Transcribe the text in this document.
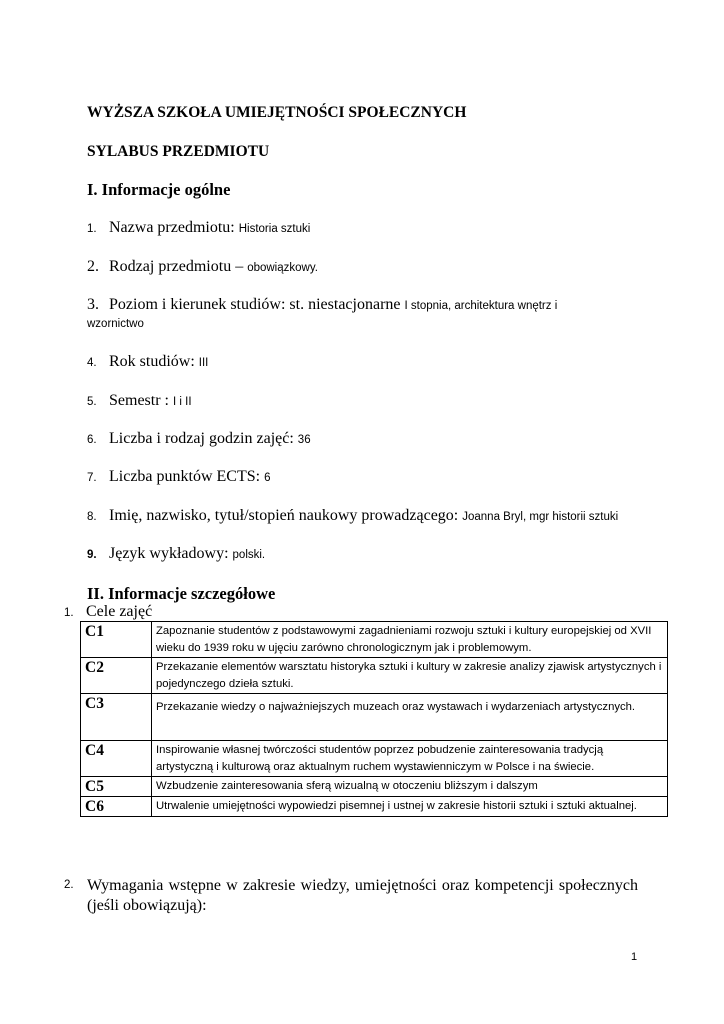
WYŻSZA SZKOŁA UMIEJĘTNOŚCI SPOŁECZNYCH
SYLABUS PRZEDMIOTU
I. Informacje ogólne
1. Nazwa przedmiotu: Historia sztuki
2. Rodzaj przedmiotu – obowiązkowy.
3. Poziom i kierunek studiów: st. niestacjonarne I stopnia, architektura wnętrz i
wzornictwo
4. Rok studiów: III
5. Semestr : I i II
6. Liczba i rodzaj godzin zajęć: 36
7. Liczba punktów ECTS: 6
8. Imię, nazwisko, tytuł/stopień naukowy prowadzącego: Joanna Bryl, mgr historii sztuki
9. Język wykładowy: polski.
II. Informacje szczegółowe
1. Cele zajęć
C1	Zapoznanie studentów z podstawowymi zagadnieniami rozwoju sztuki i kultury europejskiej od XVII wieku do 1939 roku w ujęciu zarówno chronologicznym jak i problemowym.
C2	Przekazanie elementów warsztatu historyka sztuki i kultury w zakresie analizy zjawisk artystycznych i pojedynczego dzieła sztuki.
C3	Przekazanie wiedzy o najważniejszych muzeach oraz wystawach i wydarzeniach artystycznych.
C4	Inspirowanie własnej twórczości studentów poprzez pobudzenie zainteresowania tradycją artystyczną i kulturową oraz aktualnym ruchem wystawienniczym w Polsce i na świecie.
C5	Wzbudzenie zainteresowania sferą wizualną w otoczeniu bliższym i dalszym
C6	Utrwalenie umiejętności wypowiedzi pisemnej i ustnej w zakresie historii sztuki i sztuki aktualnej.
2. Wymagania wstępne w zakresie wiedzy, umiejętności oraz kompetencji społecznych (jeśli obowiązują):
1
